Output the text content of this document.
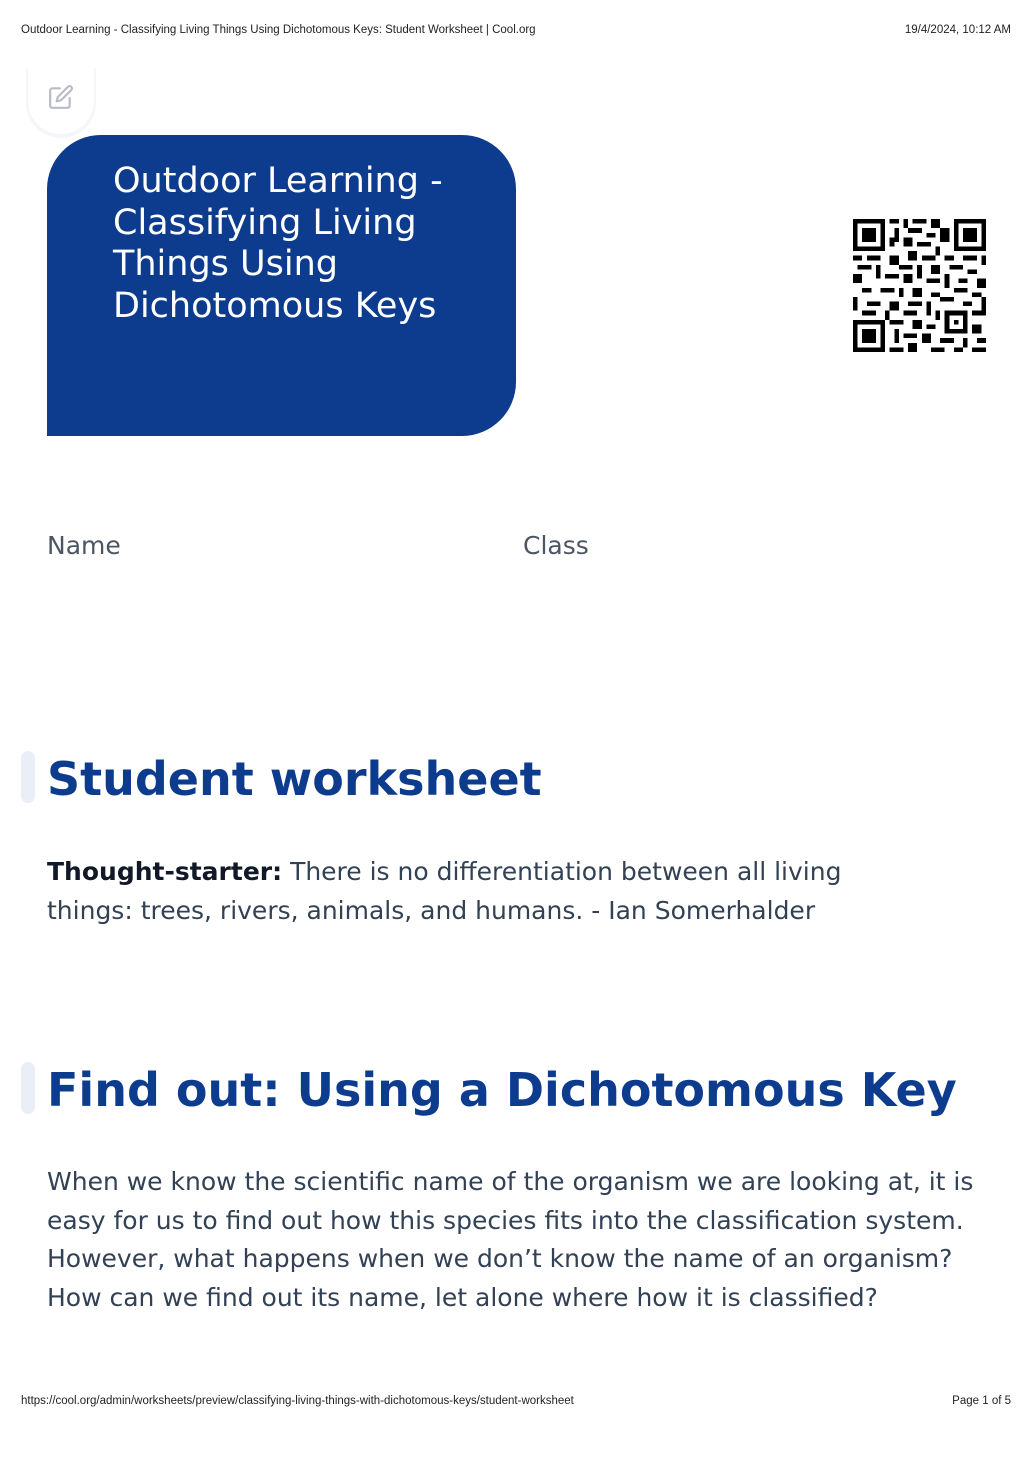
Outdoor Learning - Classifying Living Things Using Dichotomous Keys: Student Worksheet | Cool.org	19/4/2024, 10:12 AM
Outdoor Learning - Classifying Living Things Using Dichotomous Keys

Name	Class

Student worksheet

Thought-starter: There is no differentiation between all living things: trees, rivers, animals, and humans. - Ian Somerhalder

Find out: Using a Dichotomous Key

When we know the scientific name of the organism we are looking at, it is easy for us to find out how this species fits into the classification system. However, what happens when we don’t know the name of an organism? How can we find out its name, let alone where how it is classified?

https://cool.org/admin/worksheets/preview/classifying-living-things-with-dichotomous-keys/student-worksheet	Page 1 of 5
